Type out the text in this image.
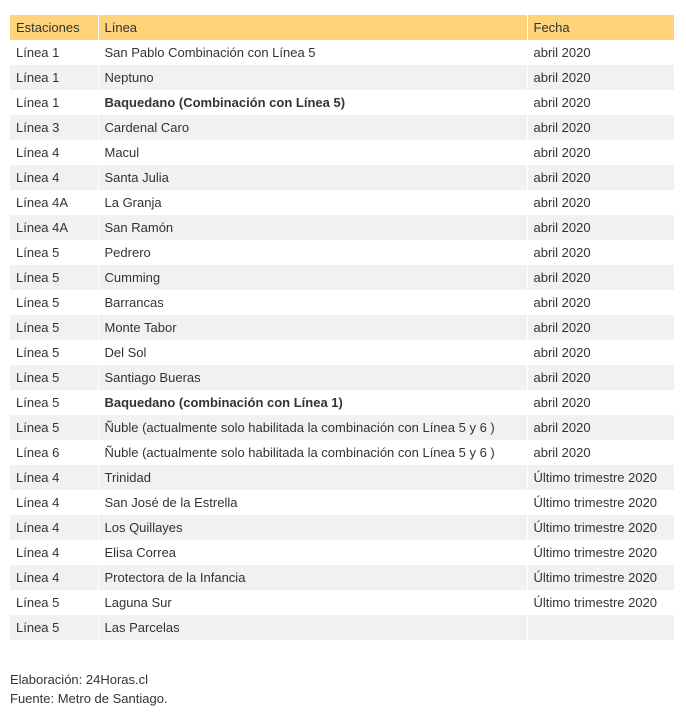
Estaciones	Línea	Fecha
Línea 1	San Pablo Combinación con Línea 5	abril 2020
Línea 1	Neptuno	abril 2020
Línea 1	Baquedano (Combinación con Línea 5)	abril 2020
Línea 3	Cardenal Caro	abril 2020
Línea 4	Macul	abril 2020
Línea 4	Santa Julia	abril 2020
Línea 4A	La Granja	abril 2020
Línea 4A	San Ramón	abril 2020
Línea 5	Pedrero	abril 2020
Línea 5	Cumming	abril 2020
Línea 5	Barrancas	abril 2020
Línea 5	Monte Tabor	abril 2020
Línea 5	Del Sol	abril 2020
Línea 5	Santiago Bueras	abril 2020
Línea 5	Baquedano (combinación con Línea 1)	abril 2020
Línea 5	Ñuble (actualmente solo habilitada la combinación con Línea 5 y 6 )	abril 2020
Línea 6	Ñuble (actualmente solo habilitada la combinación con Línea 5 y 6 )	abril 2020
Línea 4	Trinidad	Último trimestre 2020
Línea 4	San José de la Estrella	Último trimestre 2020
Línea 4	Los Quillayes	Último trimestre 2020
Línea 4	Elisa Correa	Último trimestre 2020
Línea 4	Protectora de la Infancia	Último trimestre 2020
Línea 5	Laguna Sur	Último trimestre 2020
Línea 5	Las Parcelas	
Elaboración: 24Horas.cl
Fuente: Metro de Santiago.
